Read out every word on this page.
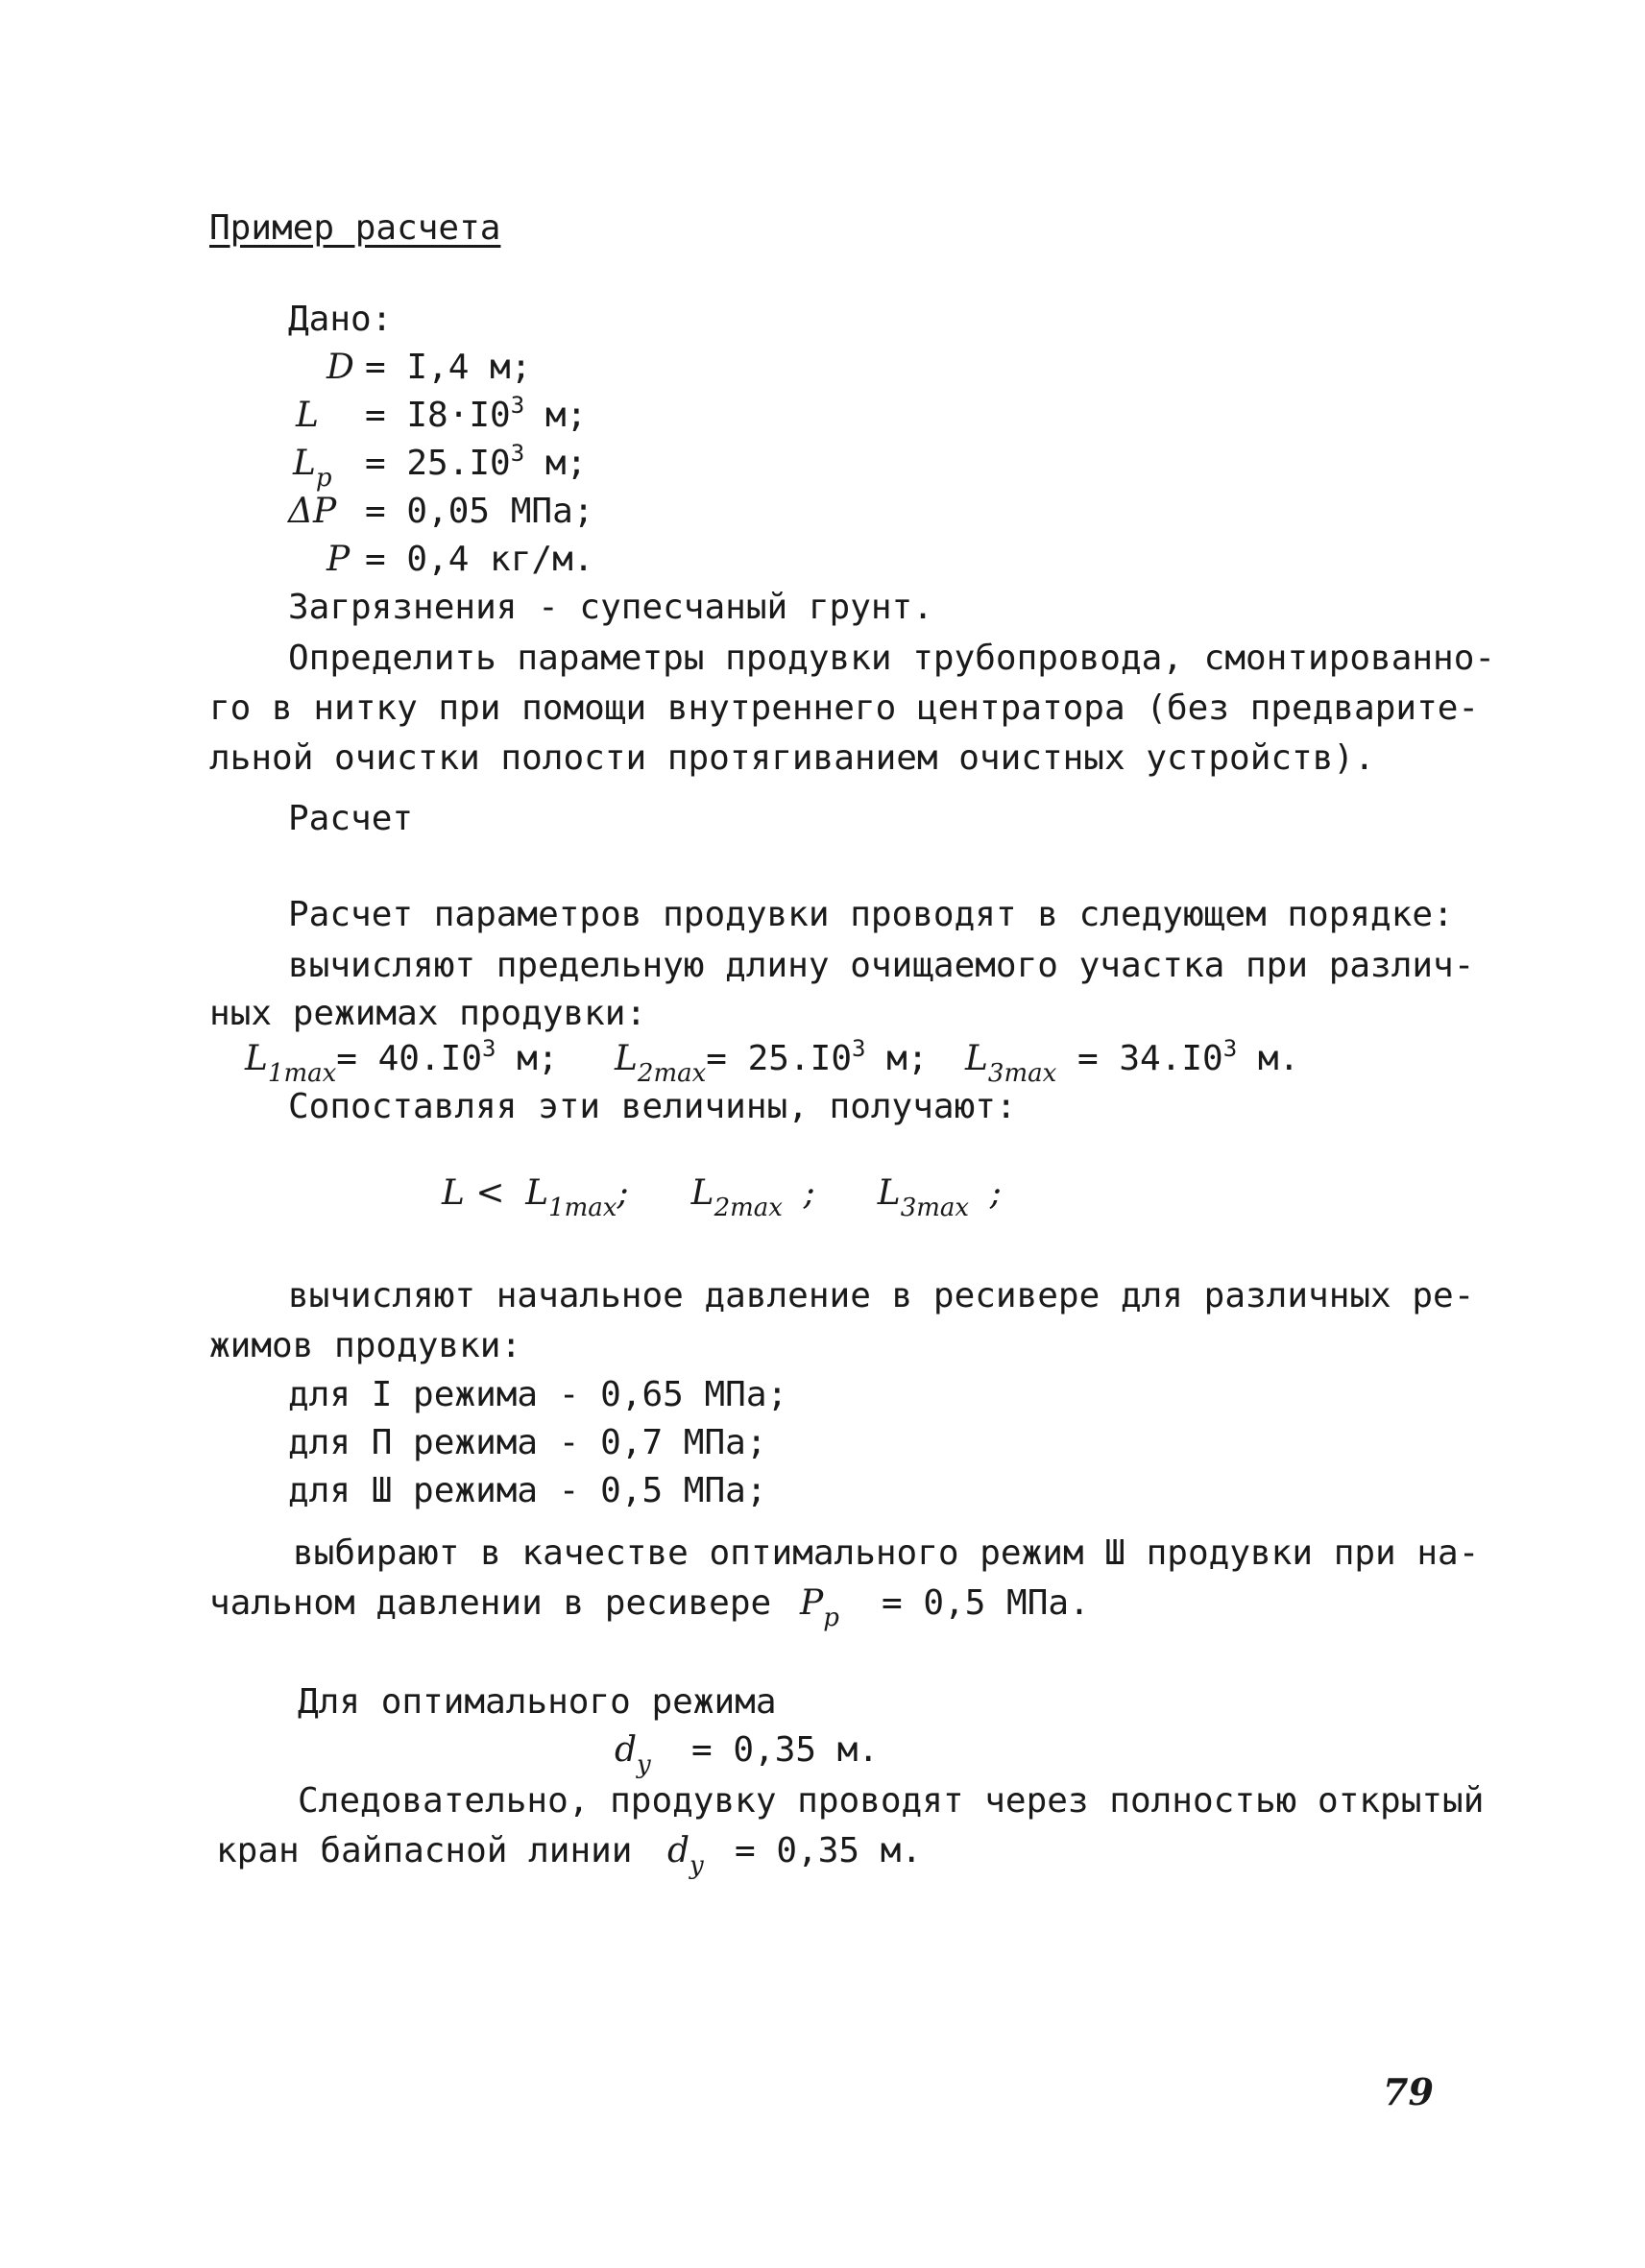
Пример расчета
Дано:
D = I,4 м;
$L = I8\cdot I0^3$ м;
$L_р = 25.I0^3$ м;
ΔP = 0,05 МПа;
P = 0,4 кг/м.
Загрязнения - супесчаный грунт.
Определить параметры продувки трубопровода, смонтированно-
го в нитку при помощи внутреннего центратора (без предварите-
льной очистки полости протягиванием очистных устройств).
Расчет
Расчет параметров продувки проводят в следующем порядке:
вычисляют предельную длину очищаемого участка при различ-
ных режимах продувки:
$L_{1max}= 40.I0^3$ м; $L_{2max}= 25.I0^3$ м; $L_{3max} = 34.I0^3$ м.
Сопоставляя эти величины, получают:
$L < L_{1max}$; $L_{2max}$ ; $L_{3max}$ ;
вычисляют начальное давление в ресивере для различных ре-
жимов продувки:
для I режима - 0,65 МПа;
для П режима - 0,7 МПа;
для Ш режима - 0,5 МПа;
выбирают в качестве оптимального режим Ш продувки при на-
чальном давлении в ресивере $P_р = 0,5$ МПа.
Для оптимального режима
$d_у = 0,35$ м.
Следовательно, продувку проводят через полностью открытый
кран байпасной линии $d_у = 0,35$ м.
79
